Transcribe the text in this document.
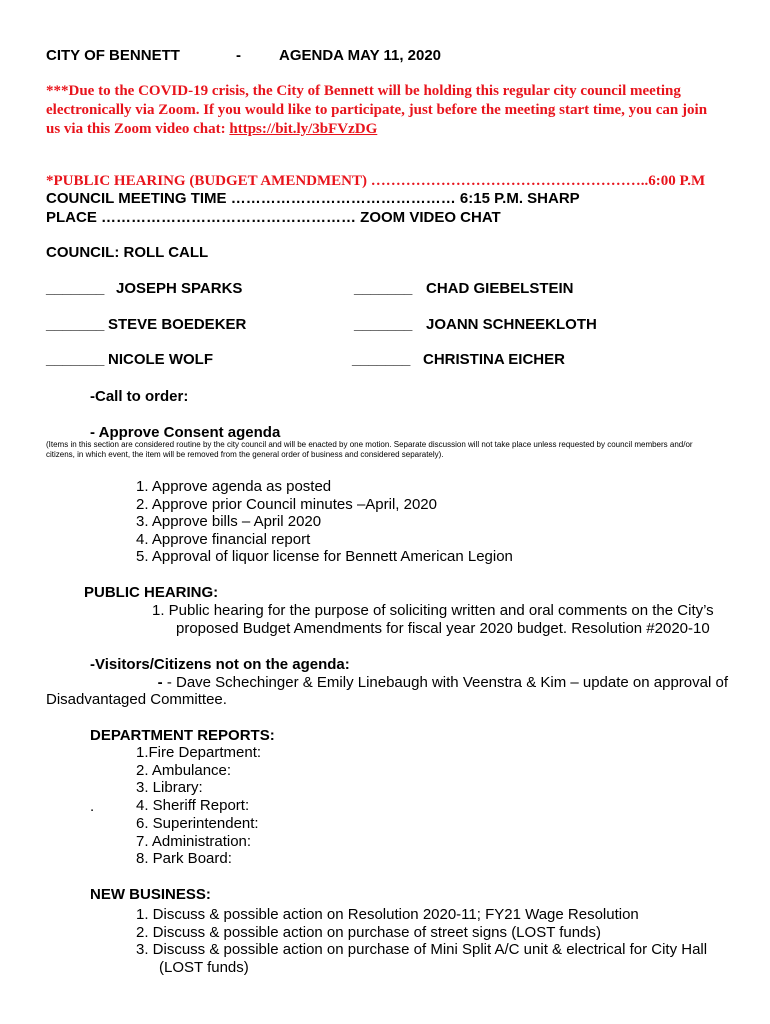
CITY OF BENNETT	-	AGENDA MAY 11, 2020
***Due to the COVID-19 crisis, the City of Bennett will be holding this regular city council meeting
electronically via Zoom. If you would like to participate, just before the meeting start time, you can join
us via this Zoom video chat: https://bit.ly/3bFVzDG
*PUBLIC HEARING (BUDGET AMENDMENT) ………………………………………………..6:00 P.M
COUNCIL MEETING TIME ……………………………………… 6:15 P.M. SHARP
PLACE …………………………………………… ZOOM VIDEO CHAT
COUNCIL: ROLL CALL
_______ JOSEPH SPARKS	_______ CHAD GIEBELSTEIN
_______ STEVE BOEDEKER	_______ JOANN SCHNEEKLOTH
_______ NICOLE WOLF	_______ CHRISTINA EICHER
-Call to order:
- Approve Consent agenda
(Items in this section are considered routine by the city council and will be enacted by one motion. Separate discussion will not take place unless requested by council members and/or citizens, in which event, the item will be removed from the general order of business and considered separately).
1. Approve agenda as posted
2. Approve prior Council minutes –April, 2020
3. Approve bills – April 2020
4. Approve financial report
5. Approval of liquor license for Bennett American Legion
PUBLIC HEARING:
1. Public hearing for the purpose of soliciting written and oral comments on the City’s
proposed Budget Amendments for fiscal year 2020 budget. Resolution #2020-10
-Visitors/Citizens not on the agenda:
- - Dave Schechinger & Emily Linebaugh with Veenstra & Kim – update on approval of
Disadvantaged Committee.
DEPARTMENT REPORTS:
.
1.Fire Department:
2. Ambulance:
3. Library:
4. Sheriff Report:
6. Superintendent:
7. Administration:
8. Park Board:
NEW BUSINESS:
1. Discuss & possible action on Resolution 2020-11; FY21 Wage Resolution
2. Discuss & possible action on purchase of street signs (LOST funds)
3. Discuss & possible action on purchase of Mini Split A/C unit & electrical for City Hall
(LOST funds)
